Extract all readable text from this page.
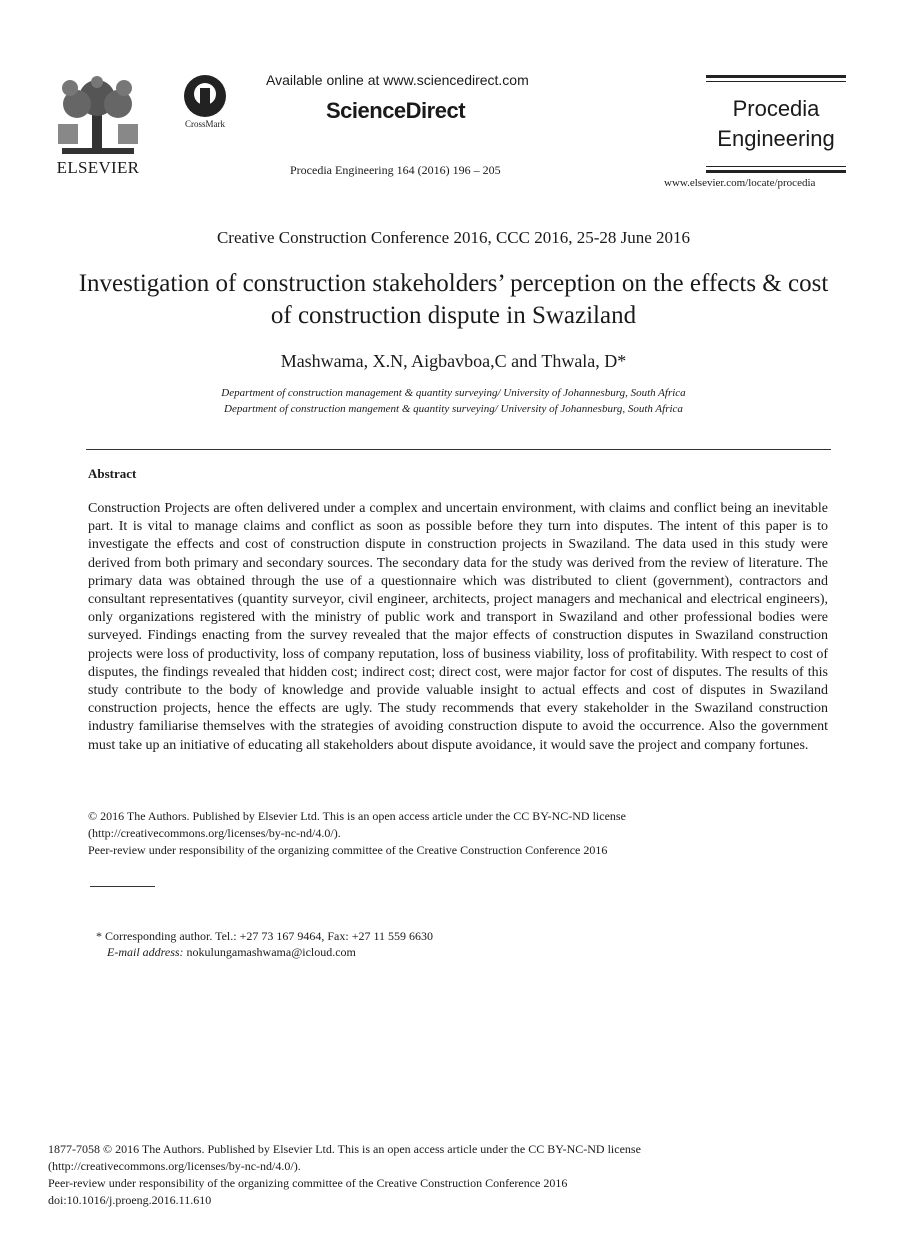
ELSEVIER
CrossMark
Available online at www.sciencedirect.com
ScienceDirect
Procedia Engineering 164 (2016) 196 – 205
Procedia
Engineering
www.elsevier.com/locate/procedia
Creative Construction Conference 2016, CCC 2016, 25-28 June 2016
Investigation of construction stakeholders’ perception on the effects & cost of construction dispute in Swaziland
Mashwama, X.N, Aigbavboa,C and Thwala, D*
Department of construction management & quantity surveying/ University of Johannesburg, South Africa
Department of construction mangement & quantity surveying/ University of Johannesburg, South Africa
Abstract
Construction Projects are often delivered under a complex and uncertain environment, with claims and conflict being an inevitable part. It is vital to manage claims and conflict as soon as possible before they turn into disputes. The intent of this paper is to investigate the effects and cost of construction dispute in construction projects in Swaziland. The data used in this study were derived from both primary and secondary sources. The secondary data for the study was derived from the review of literature. The primary data was obtained through the use of a questionnaire which was distributed to client (government), contractors and consultant representatives (quantity surveyor, civil engineer, architects, project managers and mechanical and electrical engineers), only organizations registered with the ministry of public work and transport in Swaziland and other professional bodies were surveyed. Findings enacting from the survey revealed that the major effects of construction disputes in Swaziland construction projects were loss of productivity, loss of company reputation, loss of business viability, loss of profitability. With respect to cost of disputes, the findings revealed that hidden cost; indirect cost; direct cost, were major factor for cost of disputes. The results of this study contribute to the body of knowledge and provide valuable insight to actual effects and cost of disputes in Swaziland construction projects, hence the effects are ugly. The study recommends that every stakeholder in the Swaziland construction industry familiarise themselves with the strategies of avoiding construction dispute to avoid the occurrence. Also the government must take up an initiative of educating all stakeholders about dispute avoidance, it would save the project and company fortunes.
© 2016 The Authors. Published by Elsevier Ltd. This is an open access article under the CC BY-NC-ND license
(http://creativecommons.org/licenses/by-nc-nd/4.0/).
Peer-review under responsibility of the organizing committee of the Creative Construction Conference 2016
* Corresponding author. Tel.: +27 73 167 9464, Fax: +27 11 559 6630
E-mail address: nokulungamashwama@icloud.com
1877-7058 © 2016 The Authors. Published by Elsevier Ltd. This is an open access article under the CC BY-NC-ND license
(http://creativecommons.org/licenses/by-nc-nd/4.0/).
Peer-review under responsibility of the organizing committee of the Creative Construction Conference 2016
doi:10.1016/j.proeng.2016.11.610
